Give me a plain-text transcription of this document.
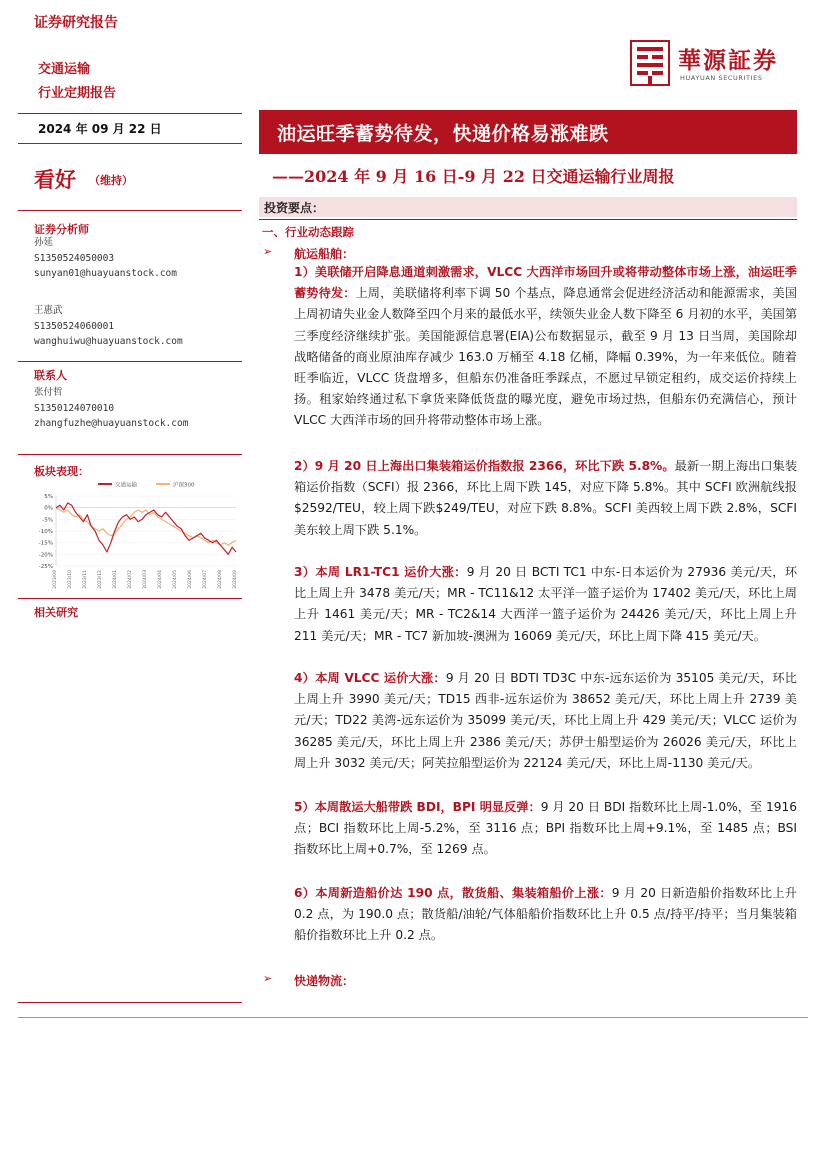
证券研究报告
交通运输
行业定期报告
華源証券
HUAYUAN SECURITIES
2024 年 09 月 22 日
看好 （维持）
证券分析师
孙延
S1350524050003
sunyan01@huayuanstock.com
王惠武
S1350524060001
wanghuiwu@huayuanstock.com
联系人
张付哲
S1350124070010
zhangfuzhe@huayuanstock.com
板块表现：
交通运输	沪深300
5%
0%
-5%
-10%
-15%
-20%
-25%
2023/09 2023/10 2023/11 2023/12 2024/01 2024/02 2024/03 2024/04 2024/05 2024/06 2024/07 2024/08 2024/09
相关研究
油运旺季蓄势待发，快递价格易涨难跌
——2024 年 9 月 16 日-9 月 22 日交通运输行业周报
投资要点：
一、行业动态跟踪
➢ 航运船舶：
1）美联储开启降息通道刺激需求，VLCC 大西洋市场回升或将带动整体市场上涨，油运旺季蓄势待发：上周，美联储将利率下调 50 个基点，降息通常会促进经济活动和能源需求，美国上周初请失业金人数降至四个月来的最低水平，续领失业金人数下降至 6 月初的水平，美国第三季度经济继续扩张。美国能源信息署(EIA)公布数据显示，截至 9 月 13 日当周，美国除却战略储备的商业原油库存减少 163.0 万桶至 4.18 亿桶，降幅 0.39%，为一年来低位。随着旺季临近，VLCC 货盘增多，但船东仍准备旺季踩点，不愿过早锁定租约，成交运价持续上扬。租家始终通过私下拿货来降低货盘的曝光度，避免市场过热，但船东仍充满信心，预计 VLCC 大西洋市场的回升将带动整体市场上涨。
2）9 月 20 日上海出口集装箱运价指数报 2366，环比下跌 5.8%。最新一期上海出口集装箱运价指数（SCFI）报 2366，环比上周下跌 145，对应下降 5.8%。其中 SCFI 欧洲航线报$2592/TEU，较上周下跌$249/TEU，对应下跌 8.8%。SCFI 美西较上周下跌 2.8%，SCFI 美东较上周下跌 5.1%。
3）本周 LR1-TC1 运价大涨：9 月 20 日 BCTI TC1 中东-日本运价为 27936 美元/天，环比上周上升 3478 美元/天；MR - TC11&12 太平洋一篮子运价为 17402 美元/天，环比上周上升 1461 美元/天；MR - TC2&14 大西洋一篮子运价为 24426 美元/天，环比上周上升 211 美元/天；MR - TC7 新加坡-澳洲为 16069 美元/天，环比上周下降 415 美元/天。
4）本周 VLCC 运价大涨：9 月 20 日 BDTI TD3C 中东-远东运价为 35105 美元/天，环比上周上升 3990 美元/天；TD15 西非-远东运价为 38652 美元/天，环比上周上升 2739 美元/天；TD22 美湾-远东运价为 35099 美元/天，环比上周上升 429 美元/天；VLCC 运价为 36285 美元/天，环比上周上升 2386 美元/天；苏伊士船型运价为 26026 美元/天，环比上周上升 3032 美元/天；阿芙拉船型运价为 22124 美元/天，环比上周-1130 美元/天。
5）本周散运大船带跌 BDI，BPI 明显反弹：9 月 20 日 BDI 指数环比上周-1.0%，至 1916 点；BCI 指数环比上周-5.2%，至 3116 点；BPI 指数环比上周+9.1%，至 1485 点；BSI 指数环比上周+0.7%，至 1269 点。
6）本周新造船价达 190 点，散货船、集装箱船价上涨：9 月 20 日新造船价指数环比上升 0.2 点，为 190.0 点；散货船/油轮/气体船船价指数环比上升 0.5 点/持平/持平；当月集装箱船价指数环比上升 0.2 点。
➢ 快递物流：
